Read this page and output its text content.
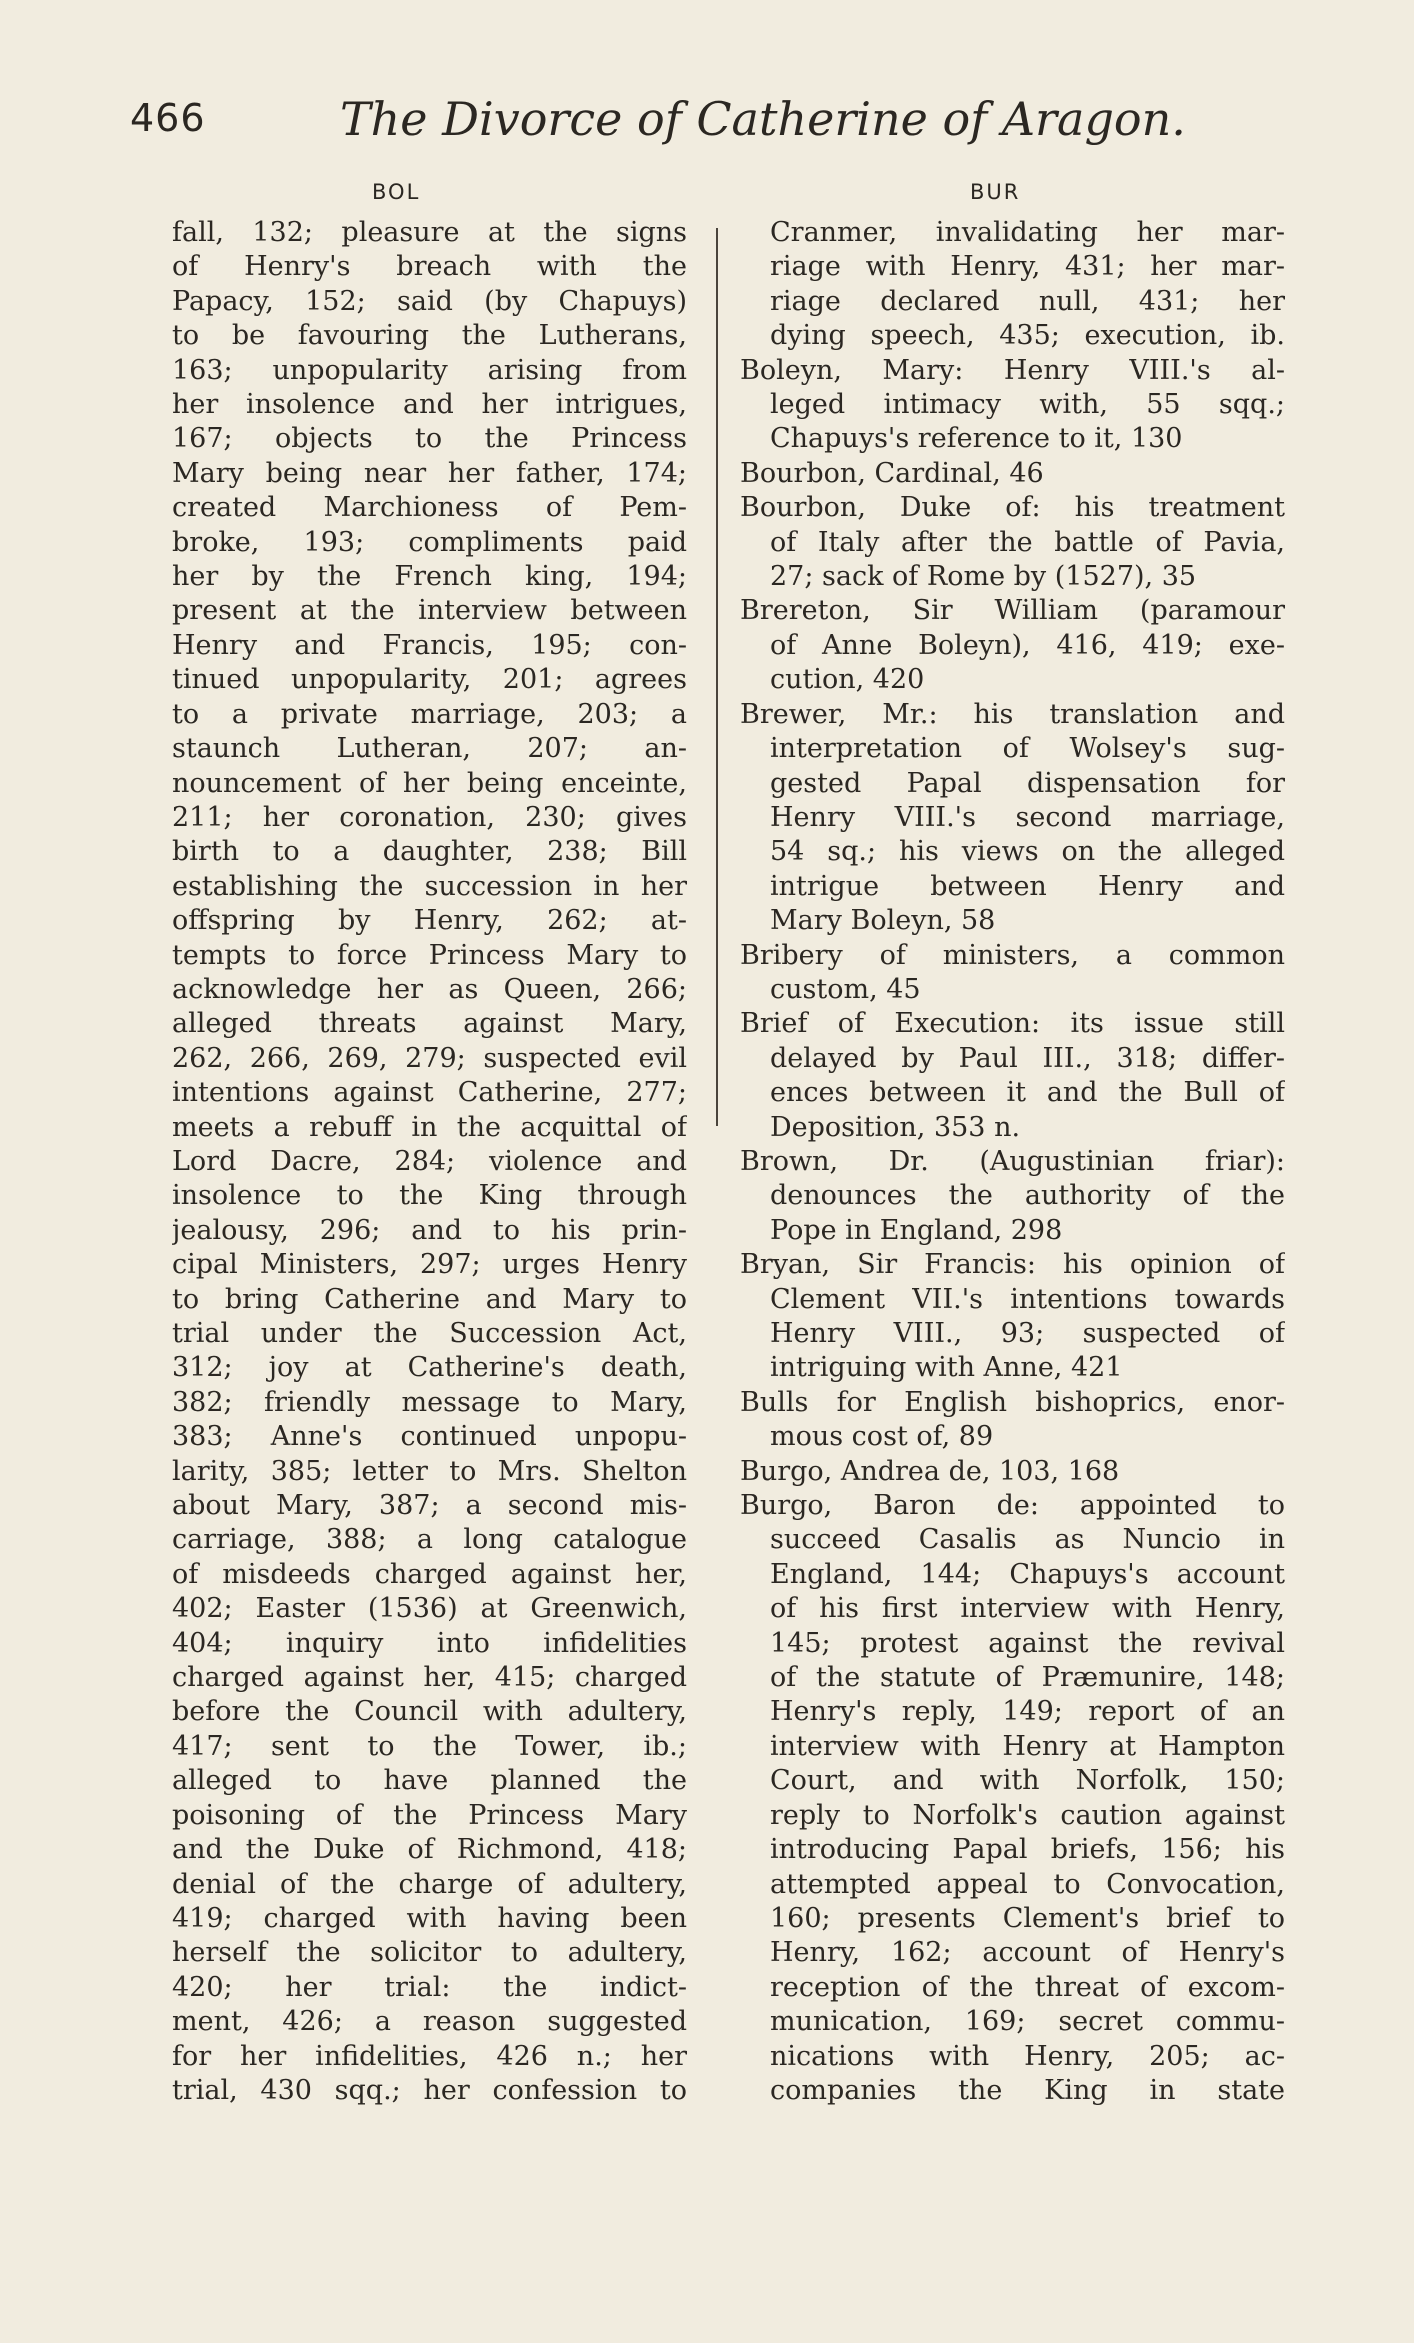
466	The Divorce of Catherine of Aragon.
BOL	BUR
fall, 132; pleasure at the signs
of Henry's breach with the
Papacy, 152; said (by Chapuys)
to be favouring the Lutherans,
163; unpopularity arising from
her insolence and her intrigues,
167; objects to the Princess
Mary being near her father, 174;
created Marchioness of Pem-
broke, 193; compliments paid
her by the French king, 194;
present at the interview between
Henry and Francis, 195; con-
tinued unpopularity, 201; agrees
to a private marriage, 203; a
staunch Lutheran, 207; an-
nouncement of her being enceinte,
211; her coronation, 230; gives
birth to a daughter, 238; Bill
establishing the succession in her
offspring by Henry, 262; at-
tempts to force Princess Mary to
acknowledge her as Queen, 266;
alleged threats against Mary,
262, 266, 269, 279; suspected evil
intentions against Catherine, 277;
meets a rebuff in the acquittal of
Lord Dacre, 284; violence and
insolence to the King through
jealousy, 296; and to his prin-
cipal Ministers, 297; urges Henry
to bring Catherine and Mary to
trial under the Succession Act,
312; joy at Catherine's death,
382; friendly message to Mary,
383; Anne's continued unpopu-
larity, 385; letter to Mrs. Shelton
about Mary, 387; a second mis-
carriage, 388; a long catalogue
of misdeeds charged against her,
402; Easter (1536) at Greenwich,
404; inquiry into infidelities
charged against her, 415; charged
before the Council with adultery,
417; sent to the Tower, ib.;
alleged to have planned the
poisoning of the Princess Mary
and the Duke of Richmond, 418;
denial of the charge of adultery,
419; charged with having been
herself the solicitor to adultery,
420; her trial: the indict-
ment, 426; a reason suggested
for her infidelities, 426 n.; her
trial, 430 sqq.; her confession to
Cranmer, invalidating her mar-
riage with Henry, 431; her mar-
riage declared null, 431; her
dying speech, 435; execution, ib.
Boleyn, Mary: Henry VIII.'s al-
leged intimacy with, 55 sqq.;
Chapuys's reference to it, 130
Bourbon, Cardinal, 46
Bourbon, Duke of: his treatment
of Italy after the battle of Pavia,
27; sack of Rome by (1527), 35
Brereton, Sir William (paramour
of Anne Boleyn), 416, 419; exe-
cution, 420
Brewer, Mr.: his translation and
interpretation of Wolsey's sug-
gested Papal dispensation for
Henry VIII.'s second marriage,
54 sq.; his views on the alleged
intrigue between Henry and
Mary Boleyn, 58
Bribery of ministers, a common
custom, 45
Brief of Execution: its issue still
delayed by Paul III., 318; differ-
ences between it and the Bull of
Deposition, 353 n.
Brown, Dr. (Augustinian friar):
denounces the authority of the
Pope in England, 298
Bryan, Sir Francis: his opinion of
Clement VII.'s intentions towards
Henry VIII., 93; suspected of
intriguing with Anne, 421
Bulls for English bishoprics, enor-
mous cost of, 89
Burgo, Andrea de, 103, 168
Burgo, Baron de: appointed to
succeed Casalis as Nuncio in
England, 144; Chapuys's account
of his first interview with Henry,
145; protest against the revival
of the statute of Præmunire, 148;
Henry's reply, 149; report of an
interview with Henry at Hampton
Court, and with Norfolk, 150;
reply to Norfolk's caution against
introducing Papal briefs, 156; his
attempted appeal to Convocation,
160; presents Clement's brief to
Henry, 162; account of Henry's
reception of the threat of excom-
munication, 169; secret commu-
nications with Henry, 205; ac-
companies the King in state
